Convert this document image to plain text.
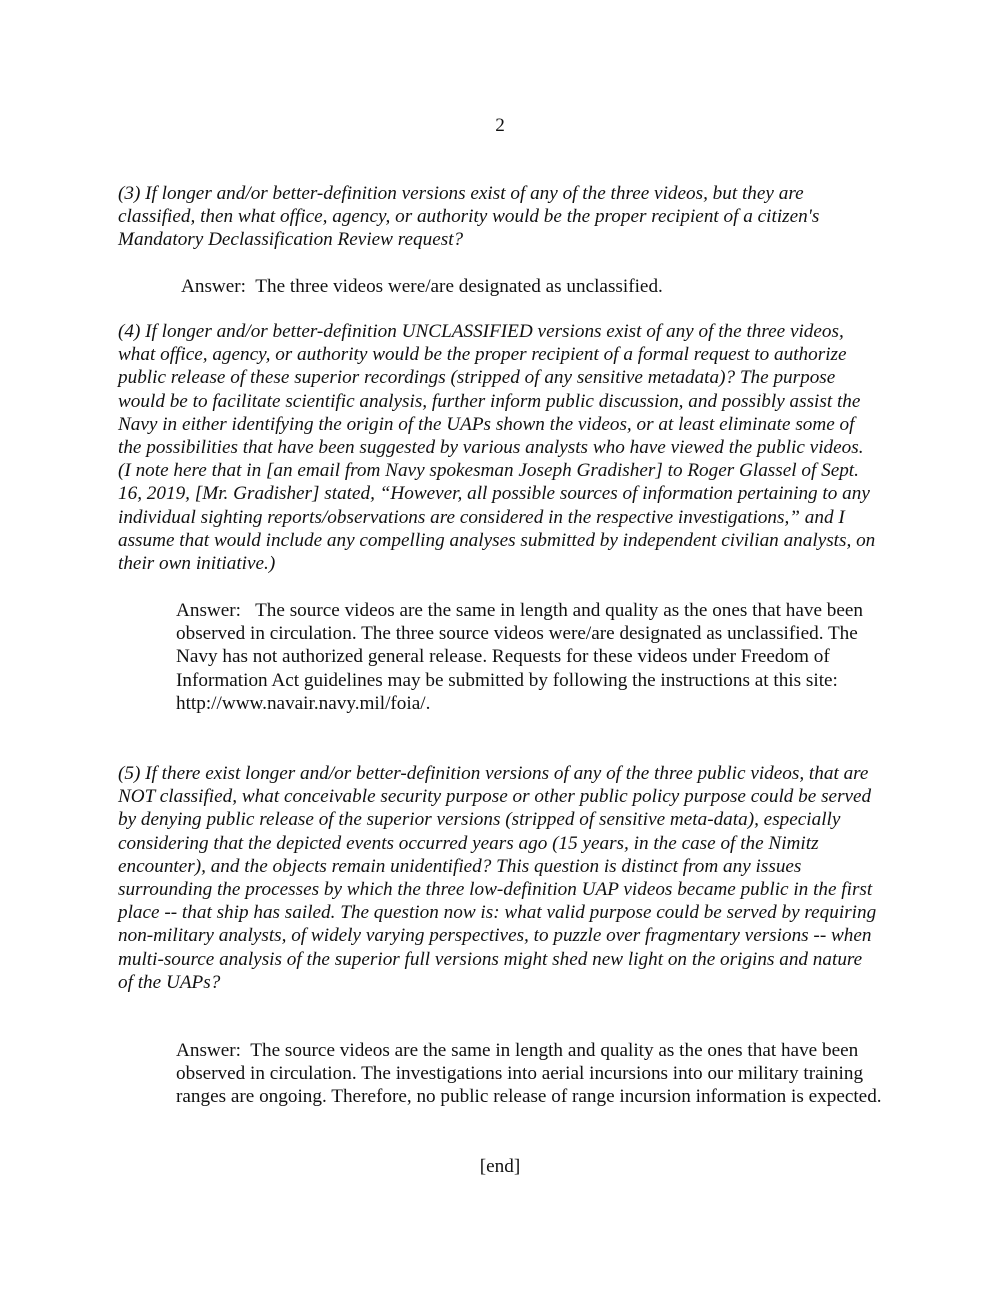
2

(3) If longer and/or better-definition versions exist of any of the three videos, but they are classified, then what office, agency, or authority would be the proper recipient of a citizen's Mandatory Declassification Review request?

Answer: The three videos were/are designated as unclassified.

(4) If longer and/or better-definition UNCLASSIFIED versions exist of any of the three videos, what office, agency, or authority would be the proper recipient of a formal request to authorize public release of these superior recordings (stripped of any sensitive metadata)? The purpose would be to facilitate scientific analysis, further inform public discussion, and possibly assist the Navy in either identifying the origin of the UAPs shown the videos, or at least eliminate some of the possibilities that have been suggested by various analysts who have viewed the public videos. (I note here that in [an email from Navy spokesman Joseph Gradisher] to Roger Glassel of Sept. 16, 2019, [Mr. Gradisher] stated, “However, all possible sources of information pertaining to any individual sighting reports/observations are considered in the respective investigations,” and I assume that would include any compelling analyses submitted by independent civilian analysts, on their own initiative.)

Answer: The source videos are the same in length and quality as the ones that have been observed in circulation. The three source videos were/are designated as unclassified. The Navy has not authorized general release. Requests for these videos under Freedom of Information Act guidelines may be submitted by following the instructions at this site: http://www.navair.navy.mil/foia/.

(5) If there exist longer and/or better-definition versions of any of the three public videos, that are NOT classified, what conceivable security purpose or other public policy purpose could be served by denying public release of the superior versions (stripped of sensitive meta-data), especially considering that the depicted events occurred years ago (15 years, in the case of the Nimitz encounter), and the objects remain unidentified? This question is distinct from any issues surrounding the processes by which the three low-definition UAP videos became public in the first place -- that ship has sailed. The question now is: what valid purpose could be served by requiring non-military analysts, of widely varying perspectives, to puzzle over fragmentary versions -- when multi-source analysis of the superior full versions might shed new light on the origins and nature of the UAPs?

Answer: The source videos are the same in length and quality as the ones that have been observed in circulation. The investigations into aerial incursions into our military training ranges are ongoing. Therefore, no public release of range incursion information is expected.

[end]
